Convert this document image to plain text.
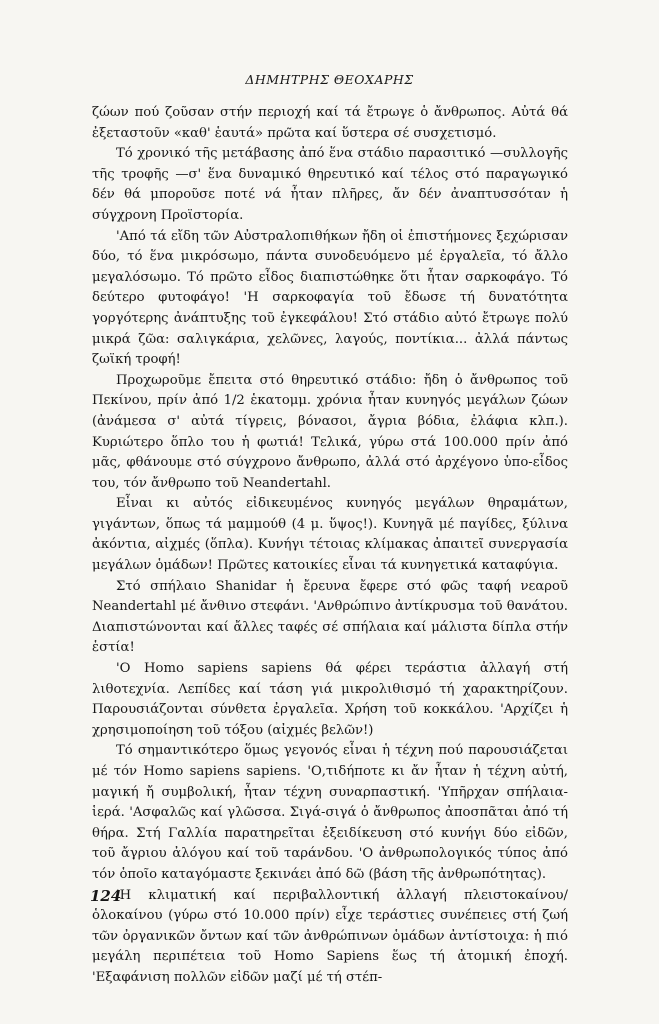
ΔΗΜΗΤΡΗΣ ΘΕΟΧΑΡΗΣ

ζώων πού ζοῦσαν στήν περιοχή καί τά ἔτρωγε ὁ ἄνθρωπος. Αὐτά θά ἐξεταστοῦν «καθ' ἑαυτά» πρῶτα καί ὕστερα σέ συσχετισμό.

Τό χρονικό τῆς μετάβασης ἀπό ἕνα στάδιο παρασιτικό —συλλογῆς τῆς τροφῆς —σ' ἕνα δυναμικό θηρευτικό καί τέλος στό παραγωγικό δέν θά μποροῦσε ποτέ νά ἦταν πλῆρες, ἄν δέν ἀναπτυσσόταν ἡ σύγχρονη Προϊστορία.

'Από τά εἴδη τῶν Αὐστραλοπιθήκων ἤδη οἱ ἐπιστήμονες ξεχώρισαν δύο, τό ἕνα μικρόσωμο, πάντα συνοδευόμενο μέ ἐργαλεῖα, τό ἄλλο μεγαλόσωμο. Τό πρῶτο εἶδος διαπιστώθηκε ὅτι ἦταν σαρκοφάγο. Τό δεύτερο φυτοφάγο! 'Η σαρκοφαγία τοῦ ἔδωσε τή δυνατότητα γοργότερης ἀνάπτυξης τοῦ ἐγκεφάλου! Στό στάδιο αὐτό ἔτρωγε πολύ μικρά ζῶα: σαλιγκάρια, χελῶνες, λαγούς, ποντίκια... ἀλλά πάντως ζωϊκή τροφή!

Προχωροῦμε ἔπειτα στό θηρευτικό στάδιο: ἤδη ὁ ἄνθρωπος τοῦ Πεκίνου, πρίν ἀπό 1/2 ἑκατομμ. χρόνια ἦταν κυνηγός μεγάλων ζώων (ἀνάμεσα σ' αὐτά τίγρεις, βόνασοι, ἄγρια βόδια, ἐλάφια κλπ.). Κυριώτερο ὅπλο του ἡ φωτιά! Τελικά, γύρω στά 100.000 πρίν ἀπό μᾶς, φθάνουμε στό σύγχρονο ἄνθρωπο, ἀλλά στό ἀρχέγονο ὑπο-εἶδος του, τόν ἄνθρωπο τοῦ Neandertahl.

Εἶναι κι αὐτός εἰδικευμένος κυνηγός μεγάλων θηραμάτων, γιγάντων, ὅπως τά μαμμούθ (4 μ. ὕψος!). Κυνηγᾶ μέ παγίδες, ξύλινα ἀκόντια, αἰχμές (ὅπλα). Κυνήγι τέτοιας κλίμακας ἀπαιτεῖ συνεργασία μεγάλων ὁμάδων! Πρῶτες κατοικίες εἶναι τά κυνηγετικά καταφύγια.

Στό σπήλαιο Shanidar ἡ ἔρευνα ἔφερε στό φῶς ταφή νεαροῦ Neandertahl μέ ἄνθινο στεφάνι. 'Ανθρώπινο ἀντίκρυσμα τοῦ θανάτου. Διαπιστώνονται καί ἄλλες ταφές σέ σπήλαια καί μάλιστα δίπλα στήν ἑστία!

'Ο Homo sapiens sapiens θά φέρει τεράστια ἀλλαγή στή λιθοτεχνία. Λεπίδες καί τάση γιά μικρολιθισμό τή χαρακτηρίζουν. Παρουσιάζονται σύνθετα ἐργαλεῖα. Χρήση τοῦ κοκκάλου. 'Αρχίζει ἡ χρησιμοποίηση τοῦ τόξου (αἰχμές βελῶν!)

Τό σημαντικότερο ὅμως γεγονός εἶναι ἡ τέχνη πού παρουσιάζεται μέ τόν Homo sapiens sapiens. 'Ο,τιδήποτε κι ἄν ἦταν ἡ τέχνη αὐτή, μαγική ἤ συμβολική, ἦταν τέχνη συναρπαστική. 'Υπῆρχαν σπήλαια-ἱερά. 'Ασφαλῶς καί γλῶσσα. Σιγά-σιγά ὁ ἄνθρωπος ἀποσπᾶται ἀπό τή θήρα. Στή Γαλλία παρατηρεῖται ἐξειδίκευση στό κυνήγι δύο εἰδῶν, τοῦ ἄγριου ἀλόγου καί τοῦ ταράνδου. 'Ο ἀνθρωπολογικός τύπος ἀπό τόν ὁποῖο καταγόμαστε ξεκινάει ἀπό δῶ (βάση τῆς ἀνθρωπότητας).

'Η κλιματική καί περιβαλλοντική ἀλλαγή πλειστοκαίνου/ὁλοκαίνου (γύρω στό 10.000 πρίν) εἶχε τεράστιες συνέπειες στή ζωή τῶν ὀργανικῶν ὄντων καί τῶν ἀνθρώπινων ὁμάδων ἀντίστοιχα: ἡ πιό μεγάλη περιπέτεια τοῦ Homo Sapiens ἕως τή ἀτομική ἐποχή. 'Εξαφάνιση πολλῶν εἰδῶν μαζί μέ τή στέπ-

124
